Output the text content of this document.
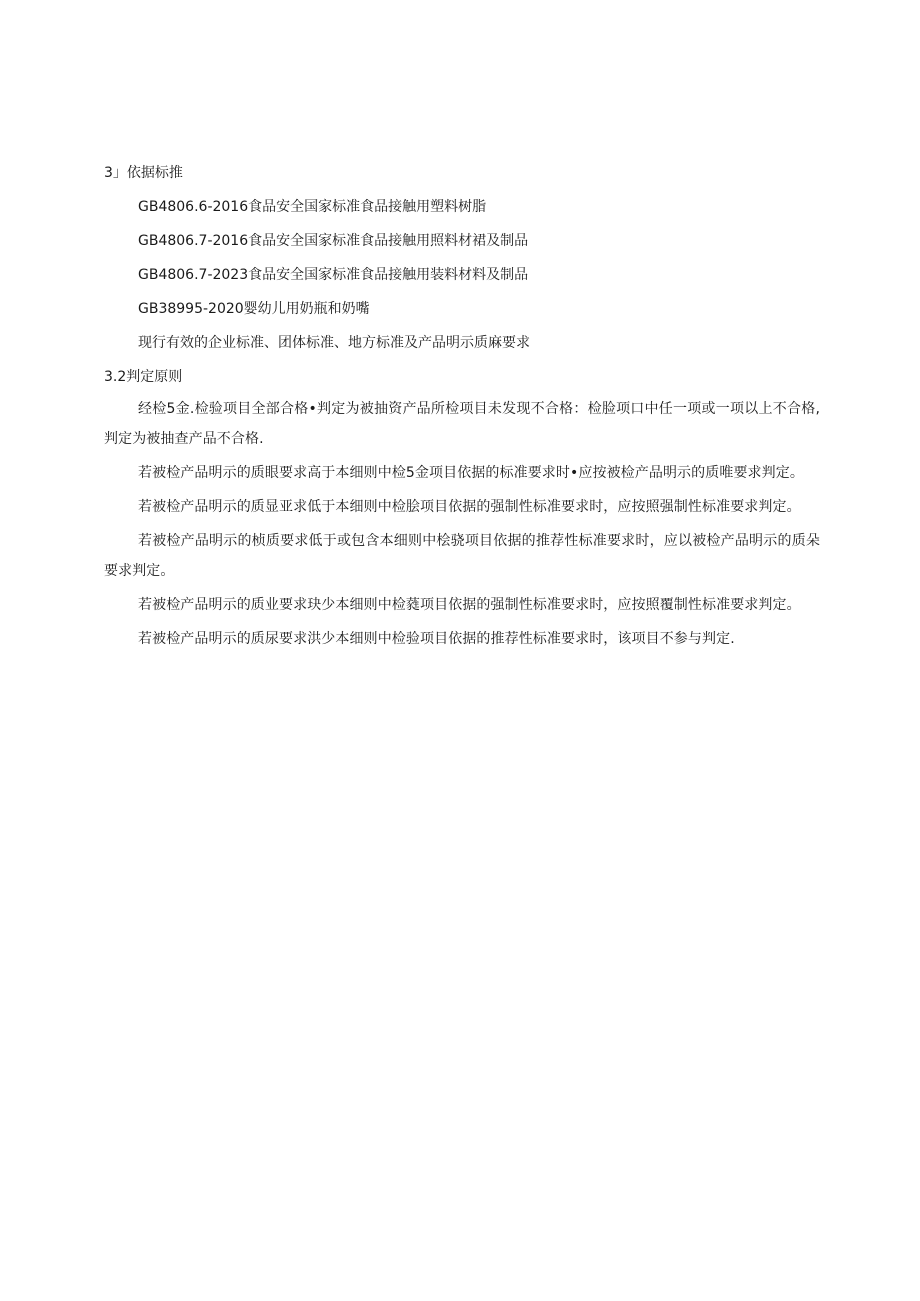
3」依据标推
GB4806.6-2016食品安全国家标准食品接触用塑料树脂
GB4806.7-2016食品安全国家标准食品接触用照料材裙及制品
GB4806.7-2023食品安全国家标准食品接触用装料材料及制品
GB38995-2020婴幼儿用奶瓶和奶嘴
现行有效的企业标准、团体标准、地方标准及产品明示质麻要求
3.2判定原则

经检5金.检验项目全部合格•判定为被抽资产品所检项目未发现不合格：检脸项口中任一项或一项以上不合格,判定为被抽查产品不合格.

若被检产品明示的质眼要求高于本细则中检5金项目依据的标准要求时•应按被检产品明示的质唯要求判定。

若被检产品明示的质显亚求低于本细则中检脍项目依据的强制性标准要求时，应按照强制性标准要求判定。

若被检产品明示的桢质要求低于或包含本细则中桧骁项目依据的推荐性标准要求时，应以被检产品明示的质朵要求判定。

若被检产品明示的质业要求玦少本细则中检蕤项目依据的强制性标准要求时，应按照覆制性标准要求判定。

若被检产品明示的质尿要求洪少本细则中检验项目依据的推荐性标准要求时，该项目不参与判定.
